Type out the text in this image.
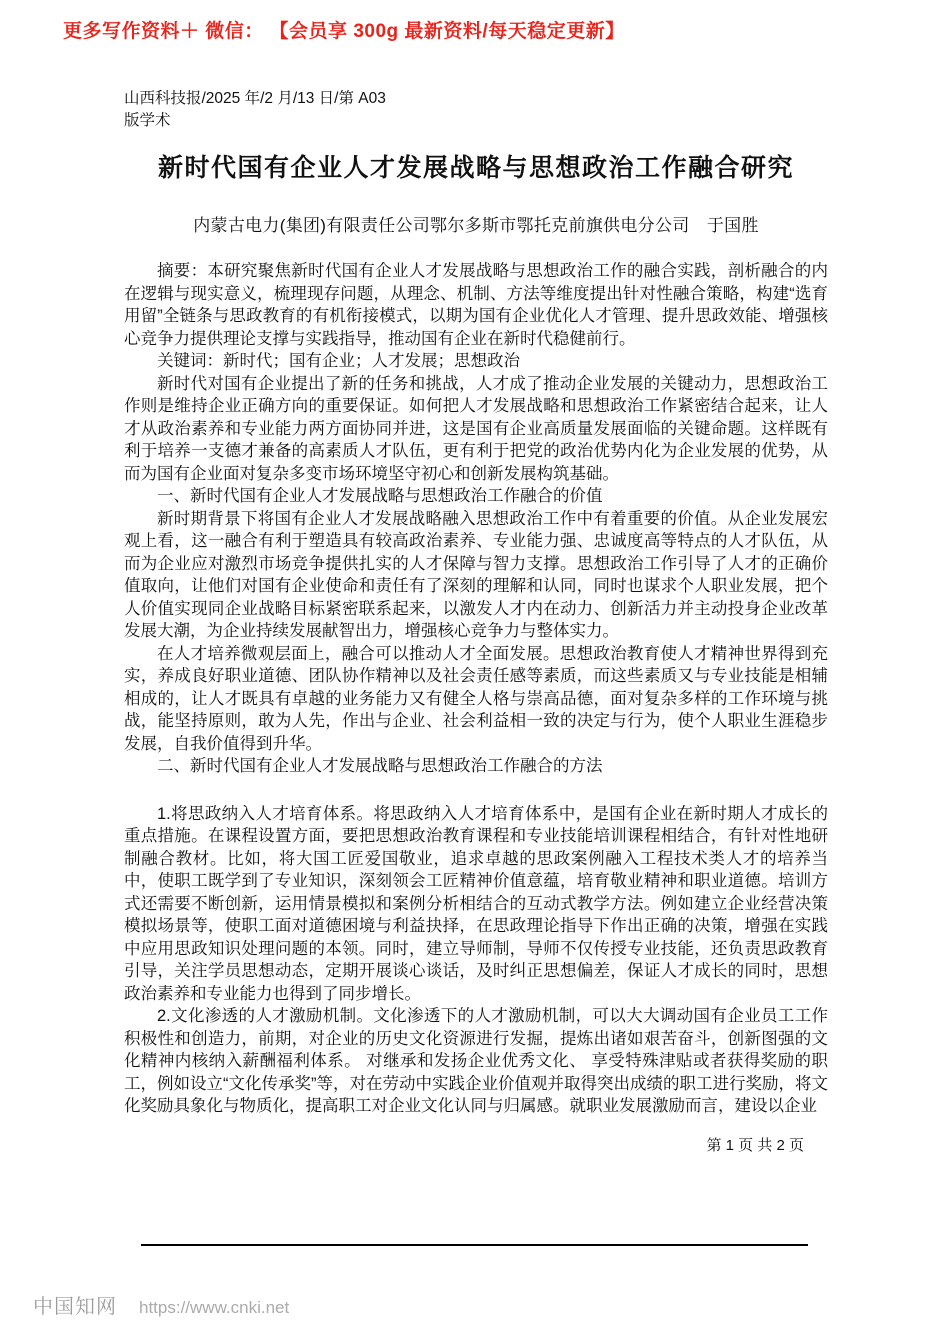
更多写作资料＋ 微信： 【会员享 300g 最新资料/每天稳定更新】
山西科技报/2025 年/2 月/13 日/第 A03
版学术
新时代国有企业人才发展战略与思想政治工作融合研究
内蒙古电力(集团)有限责任公司鄂尔多斯市鄂托克前旗供电分公司　于国胜

摘要：本研究聚焦新时代国有企业人才发展战略与思想政治工作的融合实践，剖析融合的内在逻辑与现实意义，梳理现存问题，从理念、机制、方法等维度提出针对性融合策略，构建“选育用留”全链条与思政教育的有机衔接模式，以期为国有企业优化人才管理、提升思政效能、增强核心竞争力提供理论支撑与实践指导，推动国有企业在新时代稳健前行。

关键词：新时代；国有企业；人才发展；思想政治

新时代对国有企业提出了新的任务和挑战，人才成了推动企业发展的关键动力，思想政治工作则是维持企业正确方向的重要保证。如何把人才发展战略和思想政治工作紧密结合起来，让人才从政治素养和专业能力两方面协同并进，这是国有企业高质量发展面临的关键命题。这样既有利于培养一支德才兼备的高素质人才队伍，更有利于把党的政治优势内化为企业发展的优势，从而为国有企业面对复杂多变市场环境坚守初心和创新发展构筑基础。

一、新时代国有企业人才发展战略与思想政治工作融合的价值

新时期背景下将国有企业人才发展战略融入思想政治工作中有着重要的价值。从企业发展宏观上看，这一融合有利于塑造具有较高政治素养、专业能力强、忠诚度高等特点的人才队伍，从而为企业应对激烈市场竞争提供扎实的人才保障与智力支撑。思想政治工作引导了人才的正确价值取向，让他们对国有企业使命和责任有了深刻的理解和认同，同时也谋求个人职业发展，把个人价值实现同企业战略目标紧密联系起来，以激发人才内在动力、创新活力并主动投身企业改革发展大潮，为企业持续发展献智出力，增强核心竞争力与整体实力。

在人才培养微观层面上，融合可以推动人才全面发展。思想政治教育使人才精神世界得到充实，养成良好职业道德、团队协作精神以及社会责任感等素质，而这些素质又与专业技能是相辅相成的，让人才既具有卓越的业务能力又有健全人格与崇高品德，面对复杂多样的工作环境与挑战，能坚持原则，敢为人先，作出与企业、社会利益相一致的决定与行为，使个人职业生涯稳步发展，自我价值得到升华。

二、新时代国有企业人才发展战略与思想政治工作融合的方法

1.将思政纳入人才培育体系。将思政纳入人才培育体系中，是国有企业在新时期人才成长的重点措施。在课程设置方面，要把思想政治教育课程和专业技能培训课程相结合，有针对性地研制融合教材。比如，将大国工匠爱国敬业，追求卓越的思政案例融入工程技术类人才的培养当中，使职工既学到了专业知识，深刻领会工匠精神价值意蕴，培育敬业精神和职业道德。培训方式还需要不断创新，运用情景模拟和案例分析相结合的互动式教学方法。例如建立企业经营决策模拟场景等，使职工面对道德困境与利益抉择，在思政理论指导下作出正确的决策，增强在实践中应用思政知识处理问题的本领。同时，建立导师制，导师不仅传授专业技能，还负责思政教育引导，关注学员思想动态，定期开展谈心谈话，及时纠正思想偏差，保证人才成长的同时，思想政治素养和专业能力也得到了同步增长。

2.文化渗透的人才激励机制。文化渗透下的人才激励机制，可以大大调动国有企业员工工作积极性和创造力，前期，对企业的历史文化资源进行发掘，提炼出诸如艰苦奋斗，创新图强的文化精神内核纳入薪酬福利体系。 对继承和发扬企业优秀文化、 享受特殊津贴或者获得奖励的职工，例如设立“文化传承奖”等，对在劳动中实践企业价值观并取得突出成绩的职工进行奖励，将文化奖励具象化与物质化，提高职工对企业文化认同与归属感。就职业发展激励而言，建设以企业

第 1 页 共 2 页
中国知网 https://www.cnki.net
